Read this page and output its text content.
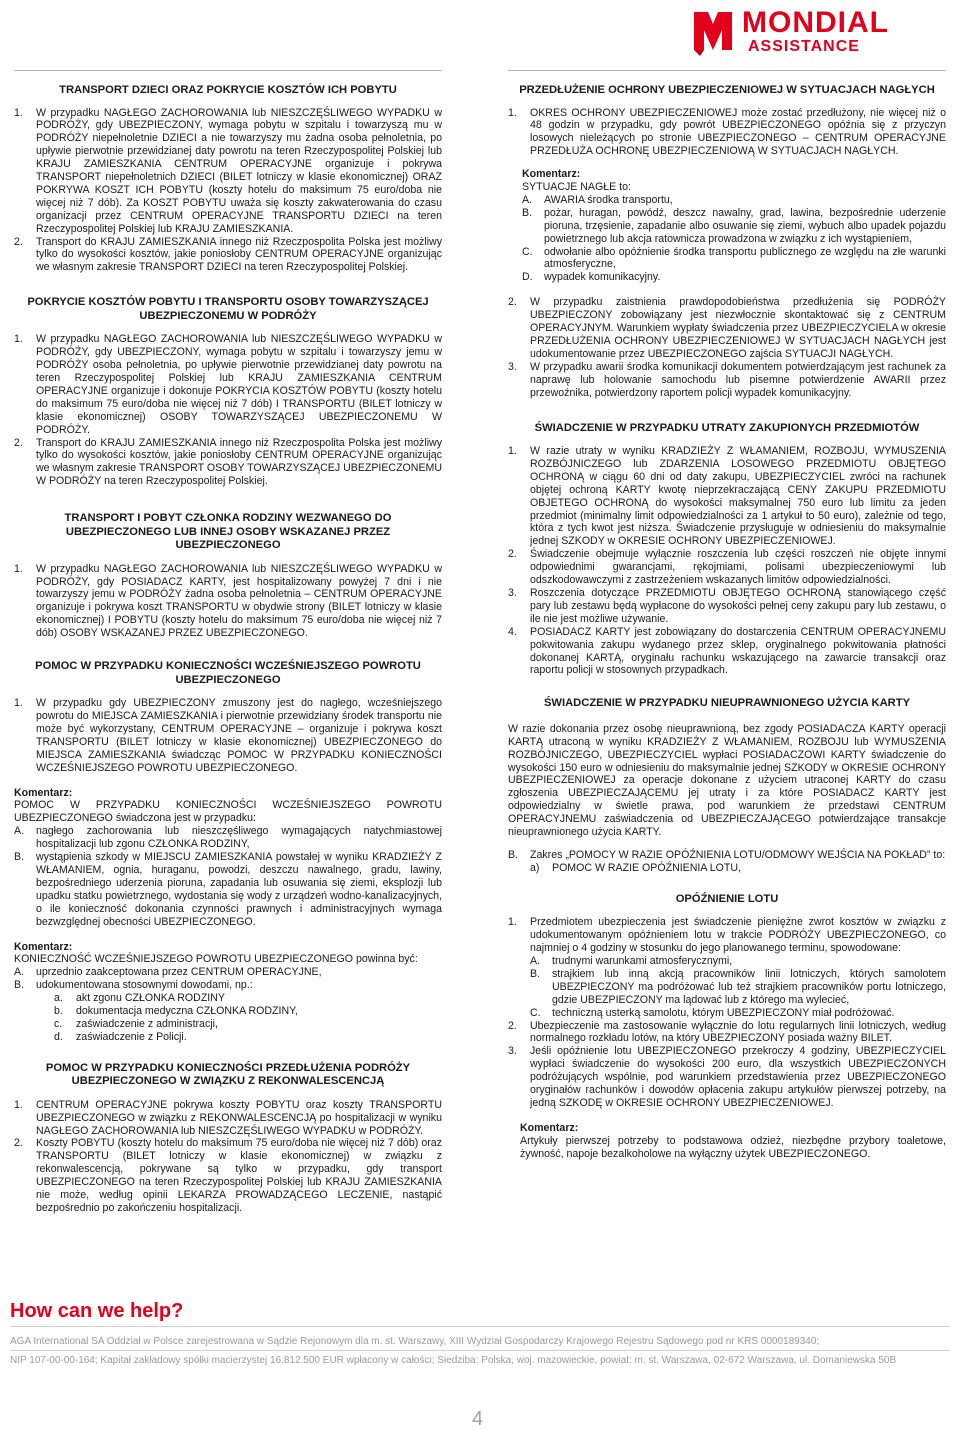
MONDIAL
ASSISTANCE

TRANSPORT DZIECI ORAZ POKRYCIE KOSZTÓW ICH POBYTU

1.	W przypadku NAGŁEGO ZACHOROWANIA lub NIESZCZĘŚLIWEGO WYPADKU w PODRÓŻY, gdy UBEZPIECZONY, wymaga pobytu w szpitalu i towarzyszą mu w PODRÓŻY niepełnoletnie DZIECI a nie towarzyszy mu żadna osoba pełnoletnia, po upływie pierwotnie przewidzianej daty powrotu na teren Rzeczypospolitej Polskiej lub KRAJU ZAMIESZKANIA CENTRUM OPERACYJNE organizuje i pokrywa TRANSPORT niepełnoletnich DZIECI (BILET lotniczy w klasie ekonomicznej) ORAZ POKRYWA KOSZT ICH POBYTU (koszty hotelu do maksimum 75 euro/doba nie więcej niż 7 dób). Za KOSZT POBYTU uważa się koszty zakwaterowania do czasu organizacji przez CENTRUM OPERACYJNE TRANSPORTU DZIECI na teren Rzeczypospolitej Polskiej lub KRAJU ZAMIESZKANIA.
2.	Transport do KRAJU ZAMIESZKANIA innego niż Rzeczpospolita Polska jest możliwy tylko do wysokości kosztów, jakie poniosłoby CENTRUM OPERACYJNE organizując we własnym zakresie TRANSPORT DZIECI na teren Rzeczypospolitej Polskiej.

POKRYCIE KOSZTÓW POBYTU I TRANSPORTU OSOBY TOWARZYSZĄCEJ UBEZPIECZONEMU W PODRÓŻY

1.	W przypadku NAGŁEGO ZACHOROWANIA lub NIESZCZĘŚLIWEGO WYPADKU w PODRÓŻY, gdy UBEZPIECZONY, wymaga pobytu w szpitalu i towarzyszy jemu w PODRÓŻY osoba pełnoletnia, po upływie pierwotnie przewidzianej daty powrotu na teren Rzeczypospolitej Polskiej lub KRAJU ZAMIESZKANIA CENTRUM OPERACYJNE organizuje i dokonuje POKRYCIA KOSZTÓW POBYTU (koszty hotelu do maksimum 75 euro/doba nie więcej niż 7 dób) I TRANSPORTU (BILET lotniczy w klasie ekonomicznej) OSOBY TOWARZYSZĄCEJ UBEZPIECZONEMU W PODRÓŻY.
2.	Transport do KRAJU ZAMIESZKANIA innego niż Rzeczpospolita Polska jest możliwy tylko do wysokości kosztów, jakie poniosłoby CENTRUM OPERACYJNE organizując we własnym zakresie TRANSPORT OSOBY TOWARZYSZĄCEJ UBEZPIECZONEMU W PODRÓŻY na teren Rzeczypospolitej Polskiej.

TRANSPORT I POBYT CZŁONKA RODZINY WEZWANEGO DO UBEZPIECZONEGO LUB INNEJ OSOBY WSKAZANEJ PRZEZ UBEZPIECZONEGO

1.	W przypadku NAGŁEGO ZACHOROWANIA lub NIESZCZĘŚLIWEGO WYPADKU w PODRÓŻY, gdy POSIADACZ KARTY, jest hospitalizowany powyżej 7 dni i nie towarzyszy jemu w PODRÓŻY żadna osoba pełnoletnia – CENTRUM OPERACYJNE organizuje i pokrywa koszt TRANSPORTU w obydwie strony (BILET lotniczy w klasie ekonomicznej) I POBYTU (koszty hotelu do maksimum 75 euro/doba nie więcej niż 7 dób) OSOBY WSKAZANEJ PRZEZ UBEZPIECZONEGO.

POMOC W PRZYPADKU KONIECZNOŚCI WCZEŚNIEJSZEGO POWROTU UBEZPIECZONEGO

1.	W przypadku gdy UBEZPIECZONY zmuszony jest do nagłego, wcześniejszego powrotu do MIEJSCA ZAMIESZKANIA i pierwotnie przewidziany środek transportu nie może być wykorzystany, CENTRUM OPERACYJNE – organizuje i pokrywa koszt TRANSPORTU (BILET lotniczy w klasie ekonomicznej) UBEZPIECZONEGO do MIEJSCA ZAMIESZKANIA świadcząc POMOC W PRZYPADKU KONIECZNOŚCI WCZEŚNIEJSZEGO POWROTU UBEZPIECZONEGO.

Komentarz:

POMOC W PRZYPADKU KONIECZNOŚCI WCZEŚNIEJSZEGO POWROTU UBEZPIECZONEGO świadczona jest w przypadku:

A.	nagłego zachorowania lub nieszczęśliwego wymagających natychmiastowej hospitalizacji lub zgonu CZŁONKA RODZINY,
B.	wystąpienia szkody w MIEJSCU ZAMIESZKANIA powstałej w wyniku KRADZIEŻY Z WŁAMANIEM, ognia, huraganu, powodzi, deszczu nawalnego, gradu, lawiny, bezpośredniego uderzenia pioruna, zapadania lub osuwania się ziemi, eksplozji lub upadku statku powietrznego, wydostania się wody z urządzeń wodno-kanalizacyjnych, o ile konieczność dokonania czynności prawnych i administracyjnych wymaga bezwzględnej obecności UBEZPIECZONEGO.

Komentarz:

KONIECZNOŚĆ WCZEŚNIEJSZEGO POWROTU UBEZPIECZONEGO powinna być:

A.	uprzednio zaakceptowana przez CENTRUM OPERACYJNE,
B.	udokumentowana stosownymi dowodami, np.:
a.	akt zgonu CZŁONKA RODZINY
b.	dokumentacja medyczna CZŁONKA RODZINY,
c.	zaświadczenie z administracji,
d.	zaświadczenie z Policji.

POMOC W PRZYPADKU KONIECZNOŚCI PRZEDŁUŻENIA PODRÓŻY UBEZPIECZONEGO W ZWIĄZKU Z REKONWALESCENCJĄ

1.	CENTRUM OPERACYJNE pokrywa koszty POBYTU oraz koszty TRANSPORTU UBEZPIECZONEGO w związku z REKONWALESCENCJĄ po hospitalizacji w wyniku NAGŁEGO ZACHOROWANIA lub NIESZCZĘŚLIWEGO WYPADKU w PODRÓŻY.
2.	Koszty POBYTU (koszty hotelu do maksimum 75 euro/doba nie więcej niż 7 dób) oraz TRANSPORTU (BILET lotniczy w klasie ekonomicznej) w związku z rekonwalescencją, pokrywane są tylko w przypadku, gdy transport UBEZPIECZONEGO na teren Rzeczypospolitej Polskiej lub KRAJU ZAMIESZKANIA nie może, według opinii LEKARZA PROWADZĄCEGO LECZENIE, nastąpić bezpośrednio po zakończeniu hospitalizacji.

PRZEDŁUŻENIE OCHRONY UBEZPIECZENIOWEJ W SYTUACJACH NAGŁYCH

1.	OKRES OCHRONY UBEZPIECZENIOWEJ może zostać przedłużony, nie więcej niż o 48 godzin w przypadku, gdy powrót UBEZPIECZONEGO opóźnia się z przyczyn losowych nieleżących po stronie UBEZPIECZONEGO – CENTRUM OPERACYJNE PRZEDŁUŻA OCHRONĘ UBEZPIECZENIOWĄ W SYTUACJACH NAGŁYCH.

Komentarz:

SYTUACJE NAGŁE to:

A.	AWARIA środka transportu,
B.	pożar, huragan, powódź, deszcz nawalny, grad, lawina, bezpośrednie uderzenie pioruna, trzęsienie, zapadanie albo osuwanie się ziemi, wybuch albo upadek pojazdu powietrznego lub akcja ratownicza prowadzona w związku z ich wystąpieniem,
C.	odwołanie albo opóźnienie środka transportu publicznego ze względu na złe warunki atmosferyczne,
D.	wypadek komunikacyjny.
2.	W przypadku zaistnienia prawdopodobieństwa przedłużenia się PODRÓŻY UBEZPIECZONY zobowiązany jest niezwłocznie skontaktować się z CENTRUM OPERACYJNYM. Warunkiem wypłaty świadczenia przez UBEZPIECZYCIELA w okresie PRZEDŁUŻENIA OCHRONY UBEZPIECZENIOWEJ W SYTUACJACH NAGŁYCH jest udokumentowanie przez UBEZPIECZONEGO zajścia SYTUACJI NAGŁYCH.
3.	W przypadku awarii środka komunikacji dokumentem potwierdzającym jest rachunek za naprawę lub holowanie samochodu lub pisemne potwierdzenie AWARII przez przewoźnika, potwierdzony raportem policji wypadek komunikacyjny.

ŚWIADCZENIE W PRZYPADKU UTRATY ZAKUPIONYCH PRZEDMIOTÓW

1.	W razie utraty w wyniku KRADZIEŻY Z WŁAMANIEM, ROZBOJU, WYMUSZENIA ROZBÓJNICZEGO lub ZDARZENIA LOSOWEGO PRZEDMIOTU OBJĘTEGO OCHRONĄ w ciągu 60 dni od daty zakupu, UBEZPIECZYCIEL zwróci na rachunek objętej ochroną KARTY kwotę nieprzekraczającą CENY ZAKUPU PRZEDMIOTU OBJETEGO OCHRONĄ do wysokości maksymalnej 750 euro lub limitu za jeden przedmiot (minimalny limit odpowiedzialności za 1 artykuł to 50 euro), zależnie od tego, która z tych kwot jest niższa. Świadczenie przysługuje w odniesieniu do maksymalnie jednej SZKODY w OKRESIE OCHRONY UBEZPIECZENIOWEJ.
2.	Świadczenie obejmuje wyłącznie roszczenia lub części roszczeń nie objęte innymi odpowiednimi gwarancjami, rękojmiami, polisami ubezpieczeniowymi lub odszkodowawczymi z zastrzeżeniem wskazanych limitów odpowiedzialności.
3.	Roszczenia dotyczące PRZEDMIOTU OBJĘTEGO OCHRONĄ stanowiącego część pary lub zestawu będą wypłacone do wysokości pełnej ceny zakupu pary lub zestawu, o ile nie jest możliwe używanie.
4.	POSIADACZ KARTY jest zobowiązany do dostarczenia CENTRUM OPERACYJNEMU pokwitowania zakupu wydanego przez sklep, oryginalnego pokwitowania płatności dokonanej KARTĄ, oryginału rachunku wskazującego na zawarcie transakcji oraz raportu policji w stosownych przypadkach.

ŚWIADCZENIE W PRZYPADKU NIEUPRAWNIONEGO UŻYCIA KARTY

W razie dokonania przez osobę nieuprawnioną, bez zgody POSIADACZA KARTY operacji KARTĄ utraconą w wyniku KRADZIEŻY Z WŁAMANIEM, ROZBOJU lub WYMUSZENIA ROZBÓJNICZEGO, UBEZPIECZYCIEL wypłaci POSIADACZOWI KARTY świadczenie do wysokości 150 euro w odniesieniu do maksymalnie jednej SZKODY w OKRESIE OCHRONY UBEZPIECZENIOWEJ za operacje dokonane z użyciem utraconej KARTY do czasu zgłoszenia UBEZPIECZAJĄCEMU jej utraty i za które POSIADACZ KARTY jest odpowiedzialny w świetle prawa, pod warunkiem że przedstawi CENTRUM OPERACYJNEMU zaświadczenia od UBEZPIECZAJĄCEGO potwierdzające transakcje nieuprawnionego użycia KARTY.

B.	Zakres „POMOCY W RAZIE OPÓŹNIENIA LOTU/ODMOWY WEJŚCIA NA POKŁAD” to:
a)	POMOC W RAZIE OPÓŹNIENIA LOTU,

OPÓŹNIENIE LOTU

1.	Przedmiotem ubezpieczenia jest świadczenie pieniężne zwrot kosztów w związku z udokumentowanym opóźnieniem lotu w trakcie PODRÓŻY UBEZPIECZONEGO, co najmniej o 4 godziny w stosunku do jego planowanego terminu, spowodowane:
A.	trudnymi warunkami atmosferycznymi,
B.	strajkiem lub inną akcją pracowników linii lotniczych, których samolotem UBEZPIECZONY ma podróżować lub też strajkiem pracowników portu lotniczego, gdzie UBEZPIECZONY ma lądować lub z którego ma wylecieć,
C.	techniczną usterką samolotu, którym UBEZPIECZONY miał podróżować.
2.	Ubezpieczenie ma zastosowanie wyłącznie do lotu regularnych linii lotniczych, według normalnego rozkładu lotów, na który UBEZPIECZONY posiada ważny BILET.
3.	Jeśli opóźnienie lotu UBEZPIECZONEGO przekroczy 4 godziny, UBEZPIECZYCIEL wypłaci świadczenie do wysokości 200 euro, dla wszystkich UBEZPIECZONYCH podróżujących wspólnie, pod warunkiem przedstawienia przez UBEZPIECZONEGO oryginałów rachunków i dowodów opłacenia zakupu artykułów pierwszej potrzeby, na jedną SZKODĘ w OKRESIE OCHRONY UBEZPIECZENIOWEJ.

Komentarz:

Artykuły pierwszej potrzeby to podstawowa odzież, niezbędne przybory toaletowe, żywność, napoje bezalkoholowe na wyłączny użytek UBEZPIECZONEGO.

How can we help?
AGA International SA Oddział w Polsce zarejestrowana w Sądzie Rejonowym dla m. st. Warszawy, XIII Wydział Gospodarczy Krajowego Rejestru Sądowego pod nr KRS 0000189340;
NIP 107-00-00-164; Kapitał zakładowy spółki macierzystej 16.812.500 EUR wpłacony w całości; Siedziba: Polska, woj. mazowieckie, powiat: m. st. Warszawa, 02-672 Warszawa, ul. Domaniewska 50B
4
